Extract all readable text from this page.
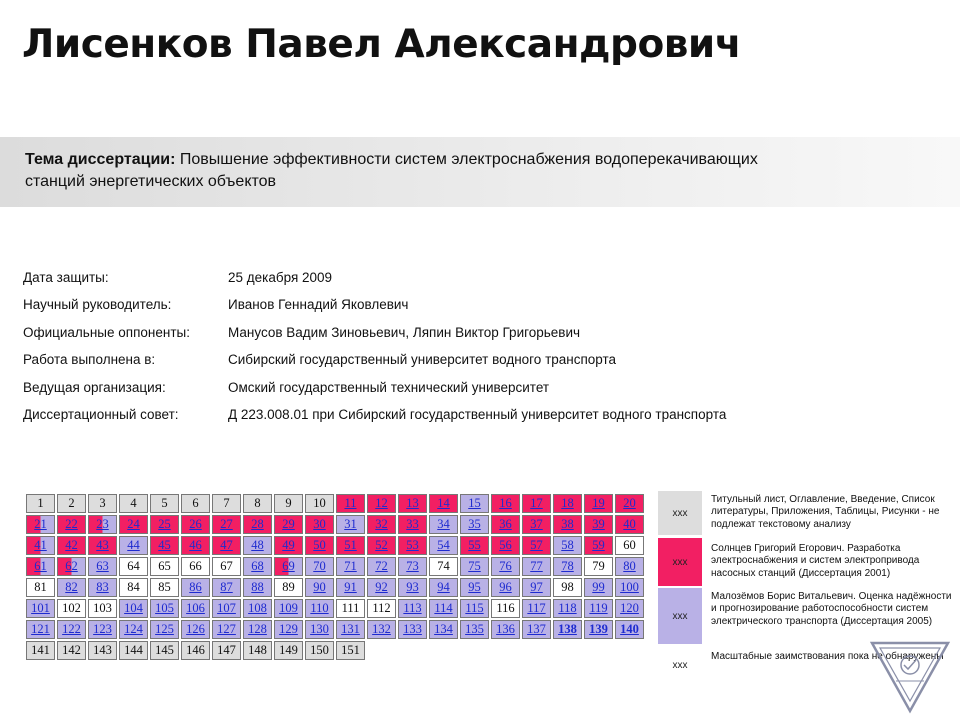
Лисенков Павел Александрович
Тема диссертации: Повышение эффективности систем электроснабжения водоперекачивающих станций энергетических объектов
Дата защиты:	25 декабря 2009
Научный руководитель:	Иванов Геннадий Яковлевич
Официальные оппоненты:	Манусов Вадим Зиновьевич, Ляпин Виктор Григорьевич
Работа выполнена в:	Сибирский государственный университет водного транспорта
Ведущая организация:	Омский государственный технический университет
Диссертационный совет:	Д 223.008.01 при Сибирский государственный университет водного транспорта
1	2	3	4	5	6	7	8	9	10	11	12	13	14	15	16	17	18	19	20
21	22	23	24	25	26	27	28	29	30	31	32	33	34	35	36	37	38	39	40
41	42	43	44	45	46	47	48	49	50	51	52	53	54	55	56	57	58	59	60
61	62	63	64	65	66	67	68	69	70	71	72	73	74	75	76	77	78	79	80
81	82	83	84	85	86	87	88	89	90	91	92	93	94	95	96	97	98	99	100
101	102	103	104	105	106	107	108	109	110	111	112	113	114	115	116	117	118	119	120
121	122	123	124	125	126	127	128	129	130	131	132	133	134	135	136	137	138	139	140
141	142	143	144	145	146	147	148	149	150	151									
xxx
Титульный лист, Оглавление, Введение, Список литературы, Приложения, Таблицы, Рисунки - не подлежат текстовому анализу
xxx
Солнцев Григорий Егорович. Разработка электроснабжения и систем электропривода насосных станций (Диссертация 2001)
xxx
Малозёмов Борис Витальевич. Оценка надёжности и прогнозирование работоспособности систем электрического транспорта (Диссертация 2005)
xxx
Масштабные заимствования пока не обнаружены
